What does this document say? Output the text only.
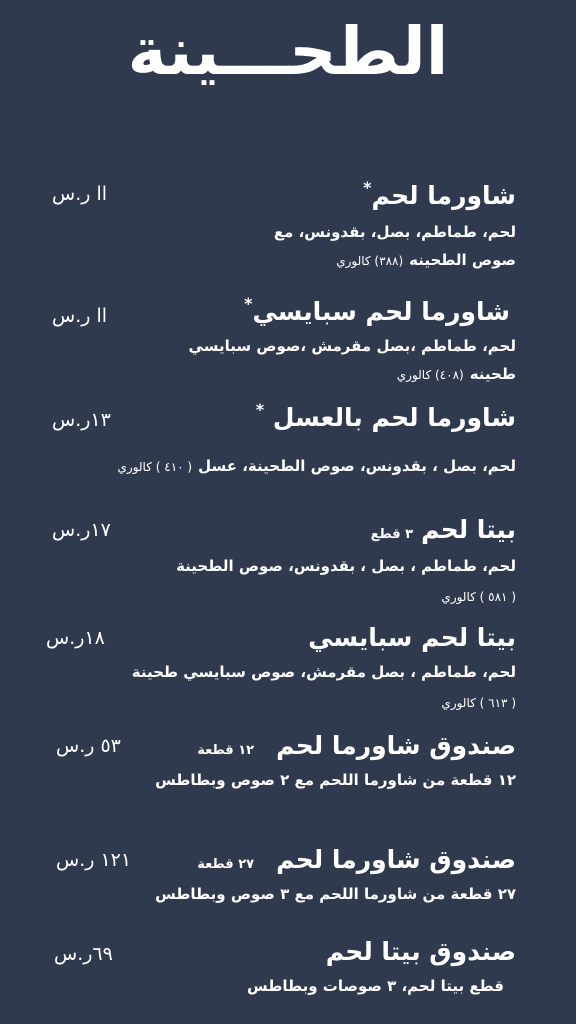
الطحـــينة
شاورما لحم*
اا ر.س
لحم، طماطم، بصل، بقدونس، مع
صوص الطحينه(٣٨٨) كالوري
شاورما لحم سبايسي*
اا ر.س
لحم، طماطم ،بصل مقرمش ،صوص سبايسي
طحينه(٤٠٨) كالوري
شاورما لحم بالعسل *
١٣ر.س
لحم، بصل ، بقدونس، صوص الطحينة، عسل( ٤١٠ ) كالوري
بيتا لحم٣ قطع
١٧ر.س
لحم، طماطم ، بصل ، بقدونس، صوص الطحينة
( ٥٨١ ) كالوري
بيتا لحم سبايسي
١٨ر.س
لحم، طماطم ، بصل مقرمش، صوص سبايسي طحينة
( ٦١٣ ) كالوري
صندوق شاورما لحم١٢ قطعة
٥٣ ر.س
١٢ قطعة من شاورما اللحم مع ٢ صوص وبطاطس
صندوق شاورما لحم٢٧ قطعة
١٢١ ر.س
٢٧ قطعة من شاورما اللحم مع ٣ صوص وبطاطس
صندوق بيتا لحم
٦٩ر.س
قطع بيتا لحم، ٣ صوصات وبطاطس
